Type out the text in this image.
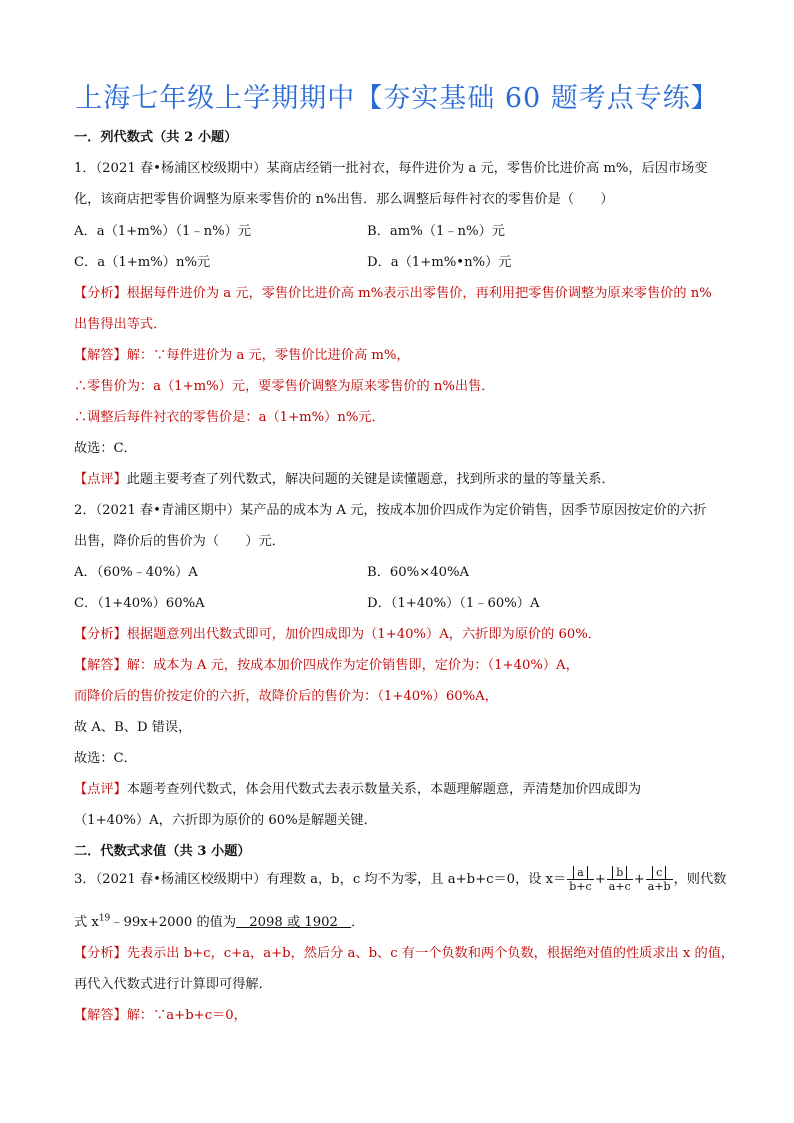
上海七年级上学期期中【夯实基础 60 题考点专练】
一．列代数式（共 2 小题）
1．（2021 春•杨浦区校级期中）某商店经销一批衬衣，每件进价为 a 元，零售价比进价高 m%，后因市场变
化，该商店把零售价调整为原来零售价的 n%出售．那么调整后每件衬衣的零售价是（　　）
A．a（1+m%）（1﹣n%）元	B．am%（1﹣n%）元
C．a（1+m%）n%元	D．a（1+m%•n%）元
【分析】根据每件进价为 a 元，零售价比进价高 m%表示出零售价，再利用把零售价调整为原来零售价的 n%
出售得出等式．
【解答】解：∵每件进价为 a 元，零售价比进价高 m%，
∴零售价为：a（1+m%）元，要零售价调整为原来零售价的 n%出售．
∴调整后每件衬衣的零售价是：a（1+m%）n%元．
故选：C．
【点评】此题主要考查了列代数式，解决问题的关键是读懂题意，找到所求的量的等量关系．
2．（2021 春•青浦区期中）某产品的成本为 A 元，按成本加价四成作为定价销售，因季节原因按定价的六折
出售，降价后的售价为（　　）元．
A．（60%﹣40%）A	B．60%×40%A
C．（1+40%）60%A	D．（1+40%）（1﹣60%）A
【分析】根据题意列出代数式即可，加价四成即为（1+40%）A，六折即为原价的 60%．
【解答】解：成本为 A 元，按成本加价四成作为定价销售即，定价为：（1+40%）A，
而降价后的售价按定价的六折，故降价后的售价为：（1+40%）60%A，
故 A、B、D 错误，
故选：C．
【点评】本题考查列代数式，体会用代数式去表示数量关系，本题理解题意，弄清楚加价四成即为
（1+40%）A，六折即为原价的 60%是解题关键．
二．代数式求值（共 3 小题）
3．（2021 春•杨浦区校级期中）有理数 a，b，c 均不为零，且 a+b+c＝0，设 $x= \frac{a}{b+c} + \frac{b}{a+c} + \frac{c}{a+b}$ ，则代数
式 $x^{19}﹣99x+2000$ 的值为　2098 或 1902　．
【分析】先表示出 b+c，c+a，a+b，然后分 a、b、c 有一个负数和两个负数，根据绝对值的性质求出 x 的值，
再代入代数式进行计算即可得解．
【解答】解：∵a+b+c＝0，
